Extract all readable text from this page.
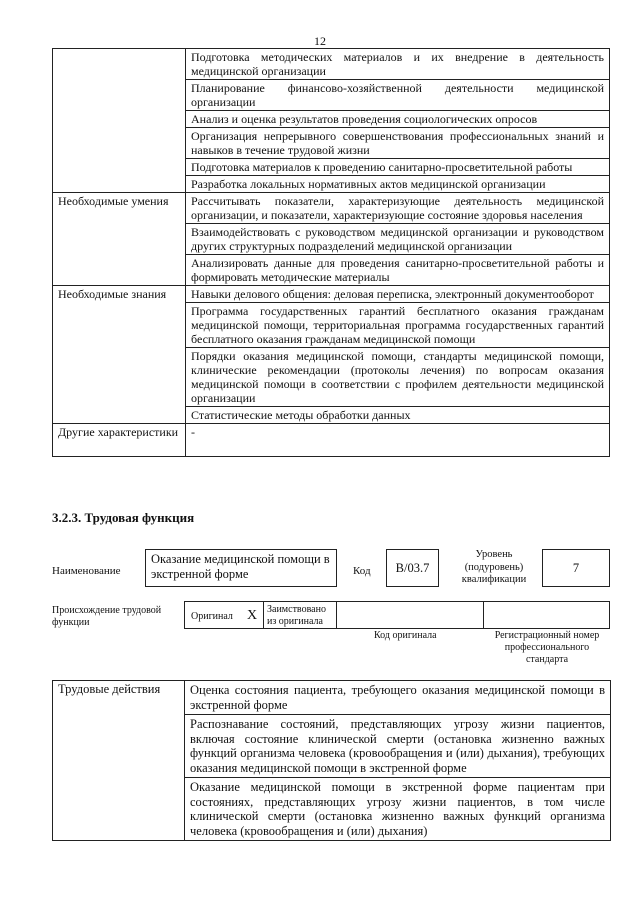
12
	Подготовка методических материалов и их внедрение в деятельность медицинской организации
	Планирование финансово-хозяйственной деятельности медицинской организации
	Анализ и оценка результатов проведения социологических опросов
	Организация непрерывного совершенствования профессиональных знаний и навыков в течение трудовой жизни
	Подготовка материалов к проведению санитарно-просветительной работы
	Разработка локальных нормативных актов медицинской организации
Необходимые умения	Рассчитывать показатели, характеризующие деятельность медицинской организации, и показатели, характеризующие состояние здоровья населения
	Взаимодействовать с руководством медицинской организации и руководством других структурных подразделений медицинской организации
	Анализировать данные для проведения санитарно-просветительной работы и формировать методические материалы
Необходимые знания	Навыки делового общения: деловая переписка, электронный документооборот
	Программа государственных гарантий бесплатного оказания гражданам медицинской помощи, территориальная программа государственных гарантий бесплатного оказания гражданам медицинской помощи
	Порядки оказания медицинской помощи, стандарты медицинской помощи, клинические рекомендации (протоколы лечения) по вопросам оказания медицинской помощи в соответствии с профилем деятельности медицинской организации
	Статистические методы обработки данных
Другие характеристики	-
3.2.3. Трудовая функция
Наименование
Оказание медицинской помощи в экстренной форме	Код	B/03.7
Уровень (подуровень) квалификации
7
Происхождение трудовой функции
Оригинал X Заимствовано из оригинала
Код оригинала	Регистрационный номер профессионального стандарта
Трудовые действия	Оценка состояния пациента, требующего оказания медицинской помощи в экстренной форме
Распознавание состояний, представляющих угрозу жизни пациентов, включая состояние клинической смерти (остановка жизненно важных функций организма человека (кровообращения и (или) дыхания), требующих оказания медицинской помощи в экстренной форме
Оказание медицинской помощи в экстренной форме пациентам при состояниях, представляющих угрозу жизни пациентов, в том числе клинической смерти (остановка жизненно важных функций организма человека (кровообращения и (или) дыхания)
